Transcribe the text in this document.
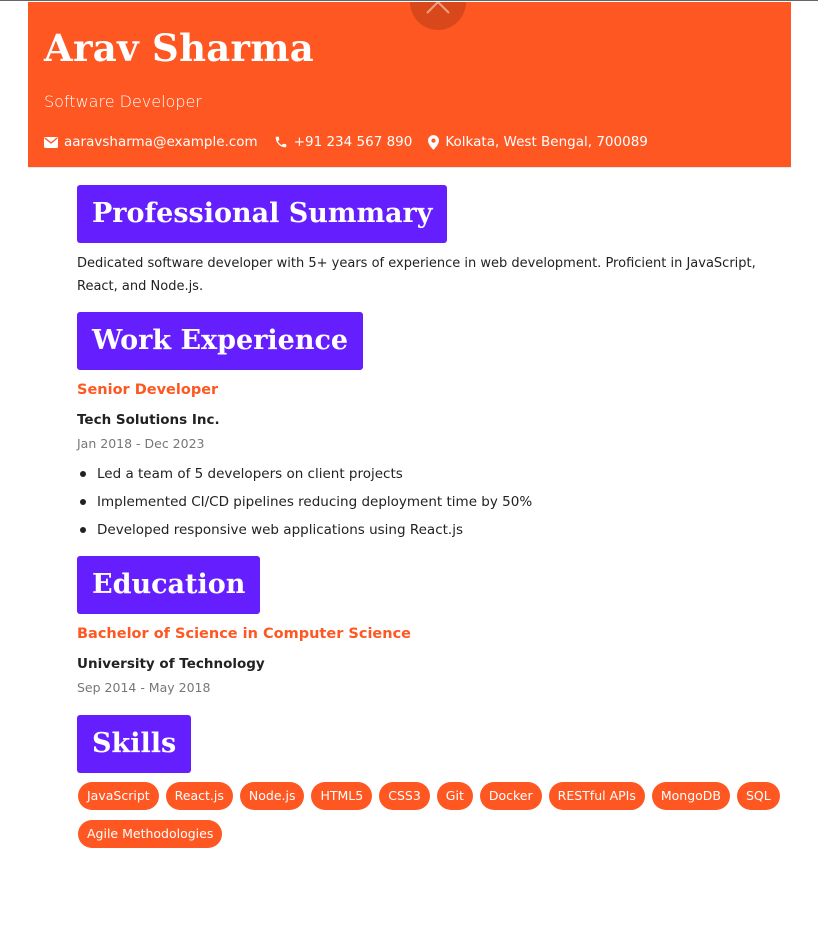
Arav Sharma
Software Developer
aaravsharma@example.com	+91 234 567 890 Kolkata, West Bengal, 700089
Professional Summary
Dedicated software developer with 5+ years of experience in web development. Proficient in JavaScript, React, and Node.js.
Work Experience
Senior Developer
Tech Solutions Inc.
Jan 2018 - Dec 2023
Led a team of 5 developers on client projects
Implemented CI/CD pipelines reducing deployment time by 50%
Developed responsive web applications using React.js
Education
Bachelor of Science in Computer Science
University of Technology
Sep 2014 - May 2018
Skills
JavaScript React.js Node.js HTML5 CSS3 Git Docker RESTful APIs MongoDB SQLAgile Methodologies
